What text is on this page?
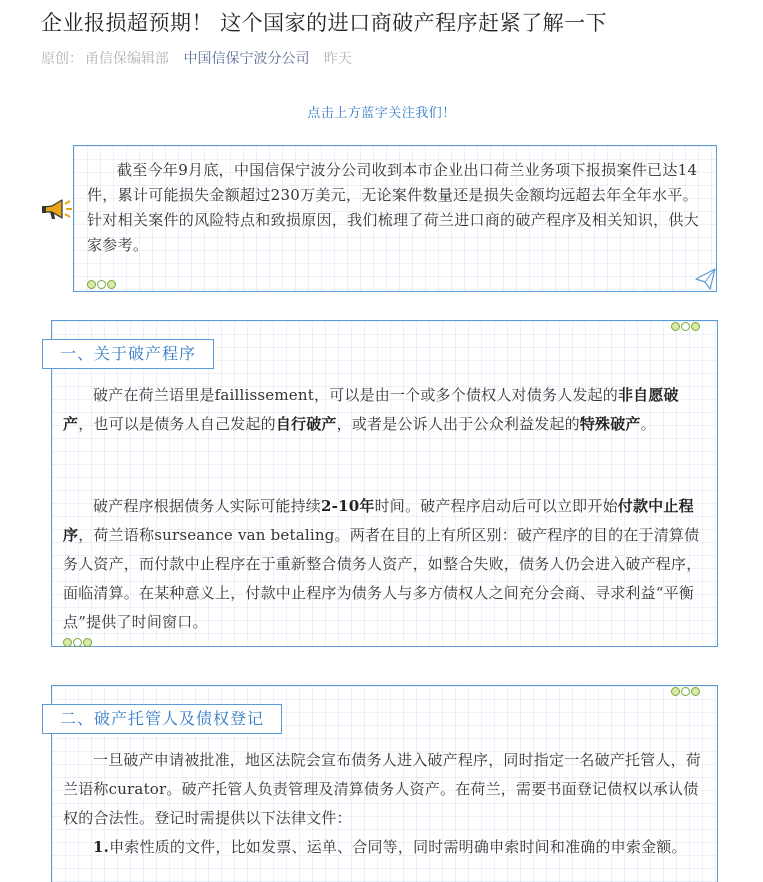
企业报损超预期！ 这个国家的进口商破产程序赶紧了解一下
原创： 甬信保编辑部 中国信保宁波分公司 昨天
点击上方蓝字关注我们！
截至今年9月底，中国信保宁波分公司收到本市企业出口荷兰业务项下报损案件已达14件，累计可能损失金额超过230万美元，无论案件数量还是损失金额均远超去年全年水平。针对相关案件的风险特点和致损原因，我们梳理了荷兰进口商的破产程序及相关知识，供大家参考。
一、关于破产程序
破产在荷兰语里是faillissement，可以是由一个或多个债权人对债务人发起的非自愿破产，也可以是债务人自己发起的自行破产，或者是公诉人出于公众利益发起的特殊破产。
破产程序根据债务人实际可能持续2-10年时间。破产程序启动后可以立即开始付款中止程序，荷兰语称surseance van betaling。两者在目的上有所区别：破产程序的目的在于清算债务人资产，而付款中止程序在于重新整合债务人资产，如整合失败，债务人仍会进入破产程序，面临清算。在某种意义上，付款中止程序为债务人与多方债权人之间充分会商、寻求利益“平衡点”提供了时间窗口。
二、破产托管人及债权登记
一旦破产申请被批准，地区法院会宣布债务人进入破产程序，同时指定一名破产托管人，荷兰语称curator。破产托管人负责管理及清算债务人资产。在荷兰，需要书面登记债权以承认债权的合法性。登记时需提供以下法律文件：
1.申索性质的文件，比如发票、运单、合同等，同时需明确申索时间和准确的申索金额。
